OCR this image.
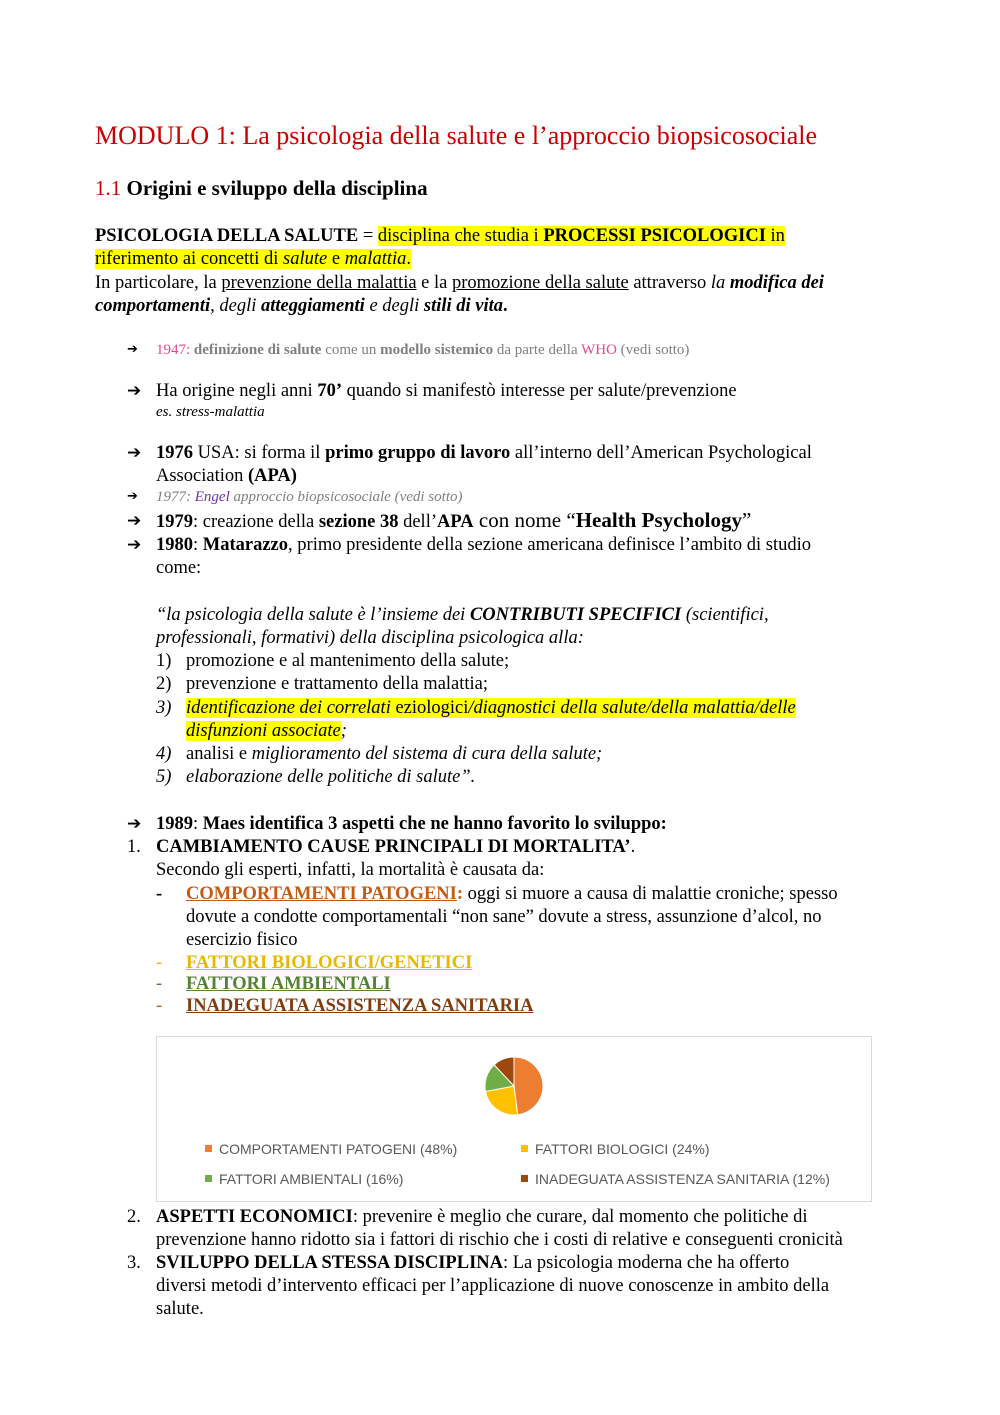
MODULO 1: La psicologia della salute e l’approccio biopsicosociale
1.1 Origini e sviluppo della disciplina
PSICOLOGIA DELLA SALUTE = disciplina che studia i PROCESSI PSICOLOGICI in
riferimento ai concetti di salute e malattia.
In particolare, la prevenzione della malattia e la promozione della salute attraverso la modifica dei
comportamenti, degli atteggiamenti e degli stili di vita.
➔ 1947: definizione di salute come un modello sistemico da parte della WHO (vedi sotto)
➔ Ha origine negli anni 70’ quando si manifestò interesse per salute/prevenzione
es. stress-malattia
➔ 1976 USA: si forma il primo gruppo di lavoro all’interno dell’American Psychological
Association (APA)
➔ 1977: Engel approccio biopsicosociale (vedi sotto)
➔ 1979: creazione della sezione 38 dell’APA con nome “Health Psychology”
➔ 1980: Matarazzo, primo presidente della sezione americana definisce l’ambito di studio
come:
“la psicologia della salute è l’insieme dei CONTRIBUTI SPECIFICI (scientifici,
professionali, formativi) della disciplina psicologica alla:
1) promozione e al mantenimento della salute;
2) prevenzione e trattamento della malattia;
3) identificazione dei correlati eziologici/diagnostici della salute/della malattia/delle
disfunzioni associate;
4) analisi e miglioramento del sistema di cura della salute;
5) elaborazione delle politiche di salute”.
➔ 1989: Maes identifica 3 aspetti che ne hanno favorito lo sviluppo:
1. CAMBIAMENTO CAUSE PRINCIPALI DI MORTALITA’.
Secondo gli esperti, infatti, la mortalità è causata da:
- COMPORTAMENTI PATOGENI: oggi si muore a causa di malattie croniche; spesso
dovute a condotte comportamentali “non sane” dovute a stress, assunzione d’alcol, no
esercizio fisico
- FATTORI BIOLOGICI/GENETICI
- FATTORI AMBIENTALI
- INADEGUATA ASSISTENZA SANITARIA
COMPORTAMENTI PATOGENI (48%)	FATTORI BIOLOGICI (24%)
FATTORI AMBIENTALI (16%)	INADEGUATA ASSISTENZA SANITARIA (12%)
2. ASPETTI ECONOMICI: prevenire è meglio che curare, dal momento che politiche di
prevenzione hanno ridotto sia i fattori di rischio che i costi di relative e conseguenti cronicità
3. SVILUPPO DELLA STESSA DISCIPLINA: La psicologia moderna che ha offerto
diversi metodi d’intervento efficaci per l’applicazione di nuove conoscenze in ambito della
salute.
